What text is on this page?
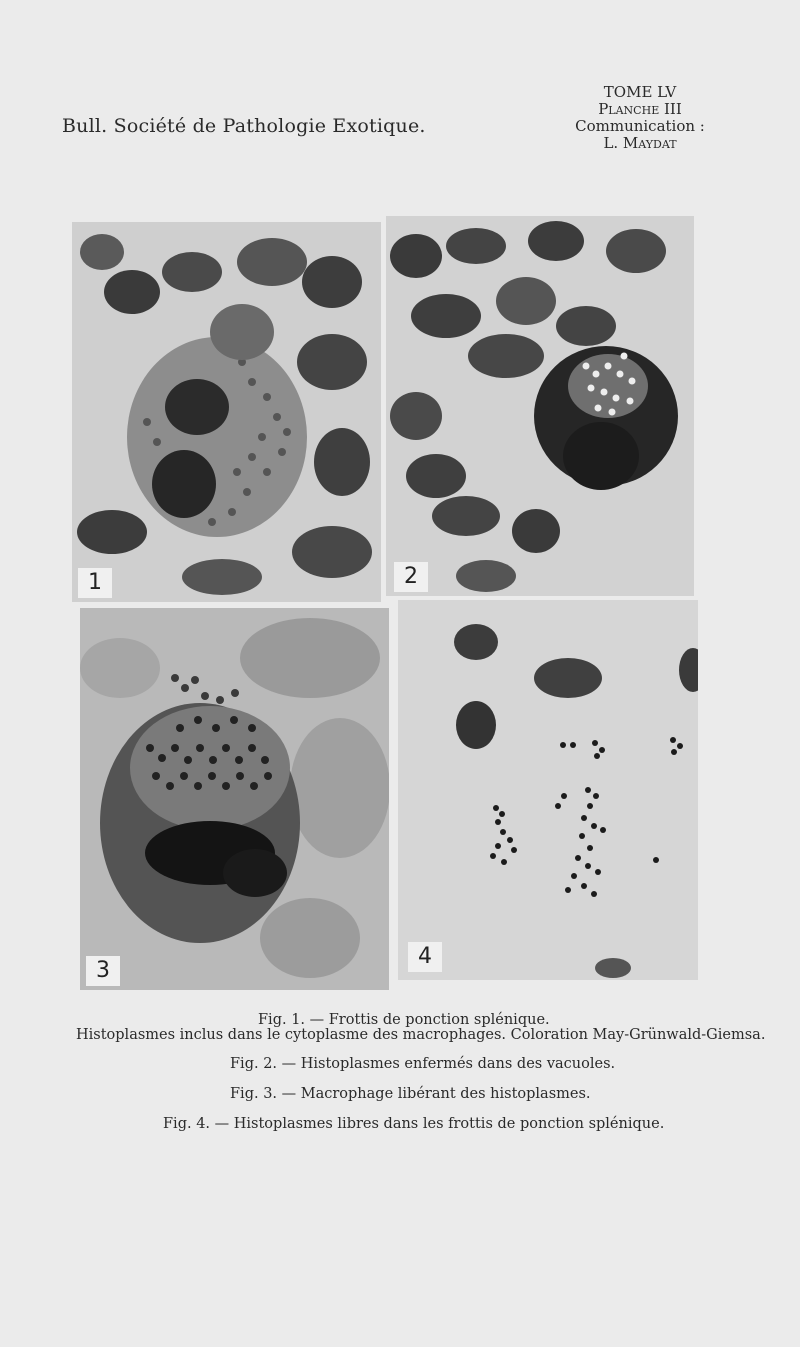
Bull. Société de Pathologie Exotique.
TOME LV
Planche III
Communication :
L. Maydat
1	2
3
4
Fig. 1. — Frottis de ponction splénique.
Histoplasmes inclus dans le cytoplasme des macrophages. Coloration May-Grünwald-Giemsa.
Fig. 2. — Histoplasmes enfermés dans des vacuoles.
Fig. 3. — Macrophage libérant des histoplasmes.
Fig. 4. — Histoplasmes libres dans les frottis de ponction splénique.
